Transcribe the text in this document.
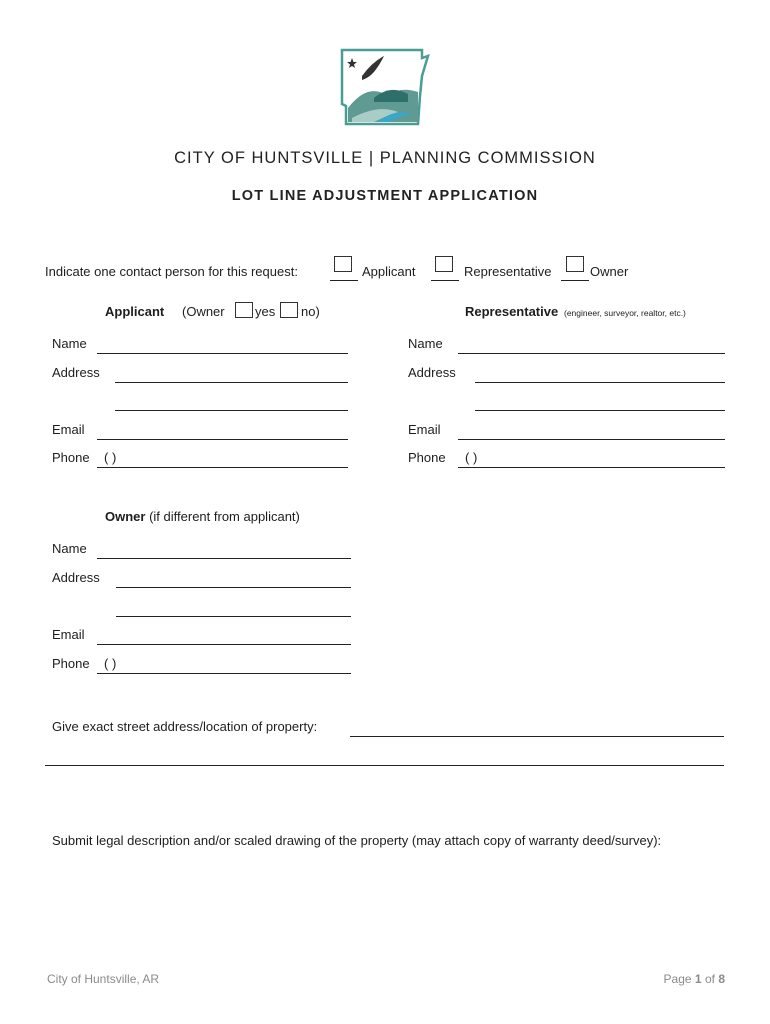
CITY OF HUNTSVILLE | PLANNING COMMISSION
LOT LINE ADJUSTMENT APPLICATION
Indicate one contact person for this request:	Applicant	Representative	Owner
Applicant (Owner yes no)	Representative (engineer, surveyor, realtor, etc.)
Name
Address
Email
Phone ( )
Name
Address
Email
Phone ( )
Owner (if different from applicant)
Name
Address
Email
Phone ( )
Give exact street address/location of property:
Submit legal description and/or scaled drawing of the property (may attach copy of warranty deed/survey):
City of Huntsville, AR	Page 1 of 8
